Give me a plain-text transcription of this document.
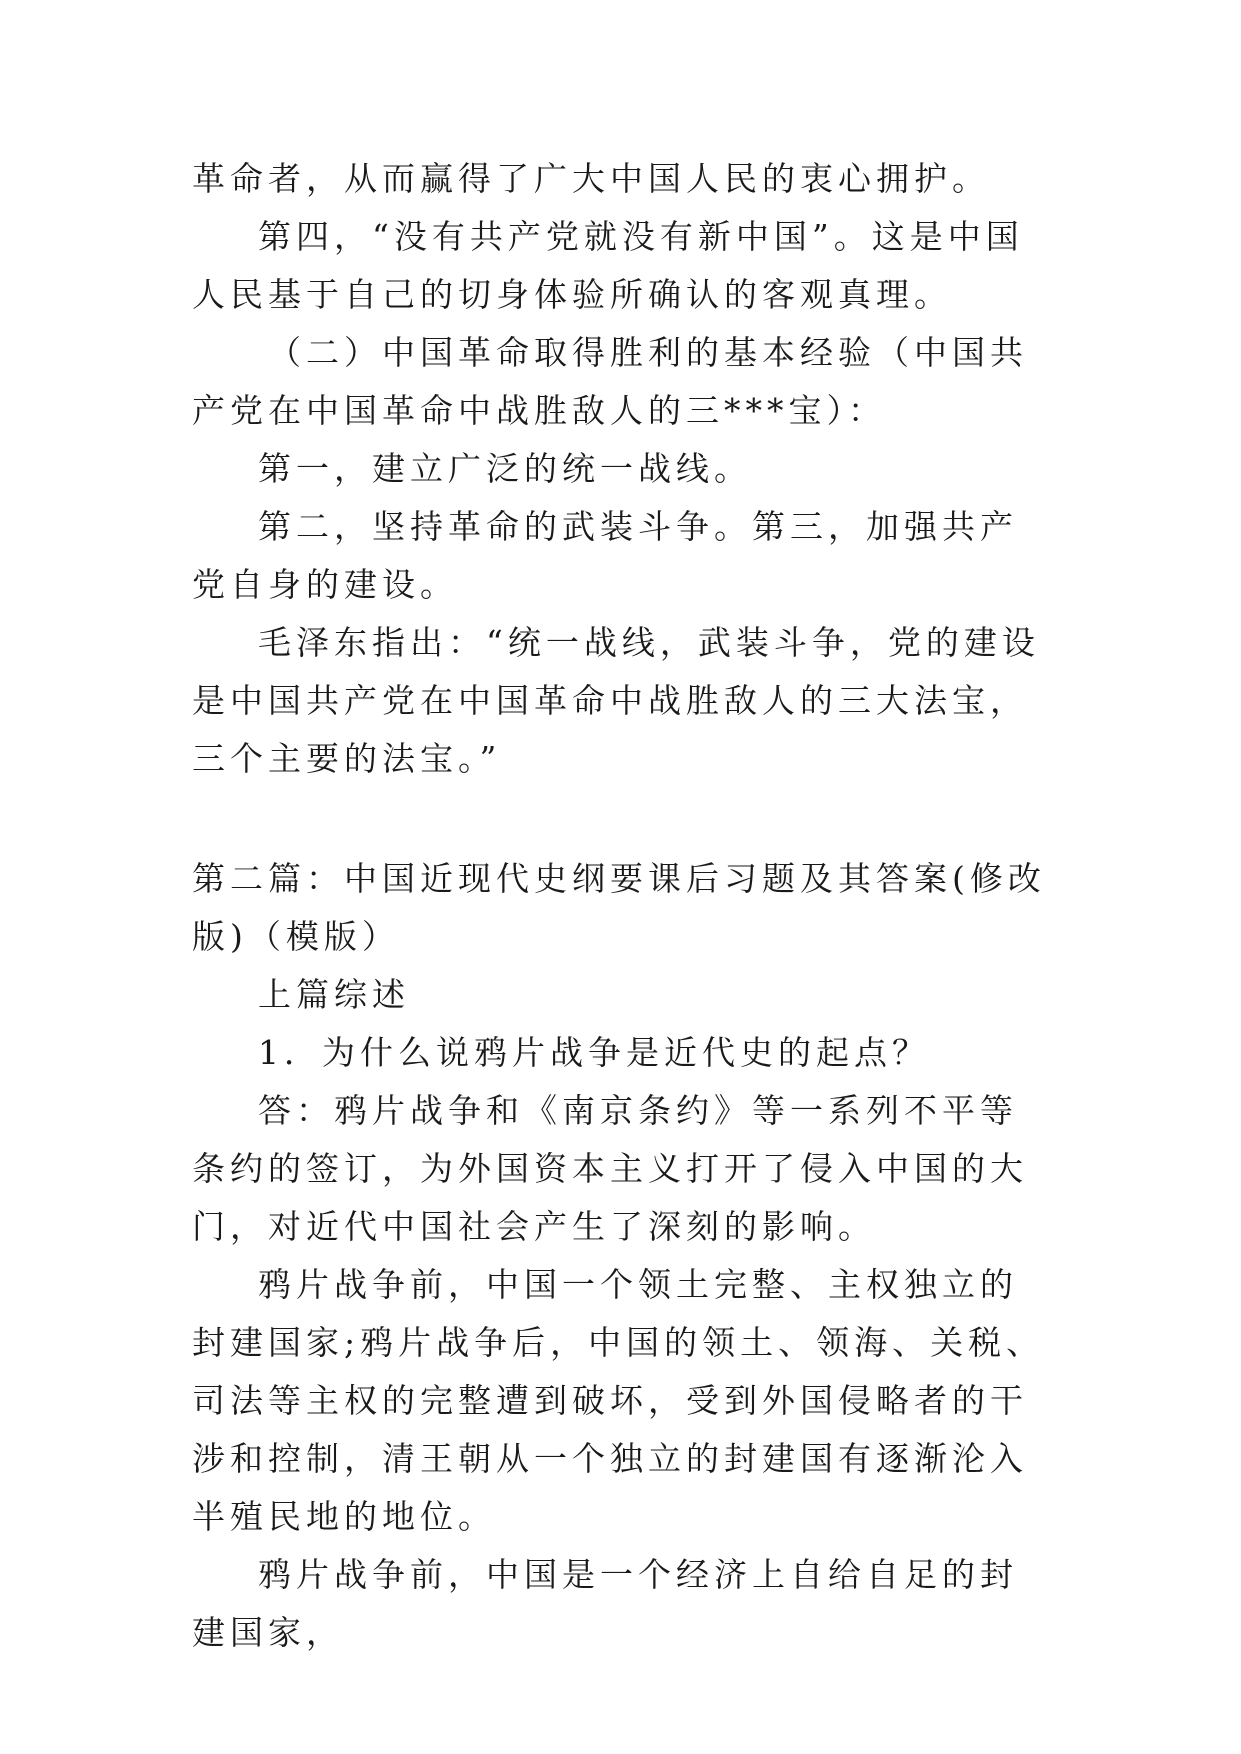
革命者，从而赢得了广大中国人民的衷心拥护。

第四，“没有共产党就没有新中国”。这是中国人民基于自己的切身体验所确认的客观真理。

（二）中国革命取得胜利的基本经验（中国共产党在中国革命中战胜敌人的三***宝）：

第一，建立广泛的统一战线。

第二，坚持革命的武装斗争。第三，加强共产党自身的建设。

毛泽东指出：“统一战线，武装斗争，党的建设是中国共产党在中国革命中战胜敌人的三大法宝，三个主要的法宝。”

第二篇：中国近现代史纲要课后习题及其答案(修改版)（模版）

上篇综述

1．为什么说鸦片战争是近代史的起点？

答：鸦片战争和《南京条约》等一系列不平等条约的签订，为外国资本主义打开了侵入中国的大门，对近代中国社会产生了深刻的影响。

鸦片战争前，中国一个领土完整、主权独立的封建国家;鸦片战争后，中国的领土、领海、关税、司法等主权的完整遭到破坏，受到外国侵略者的干涉和控制，清王朝从一个独立的封建国有逐渐沦入半殖民地的地位。

鸦片战争前，中国是一个经济上自给自足的封建国家，
